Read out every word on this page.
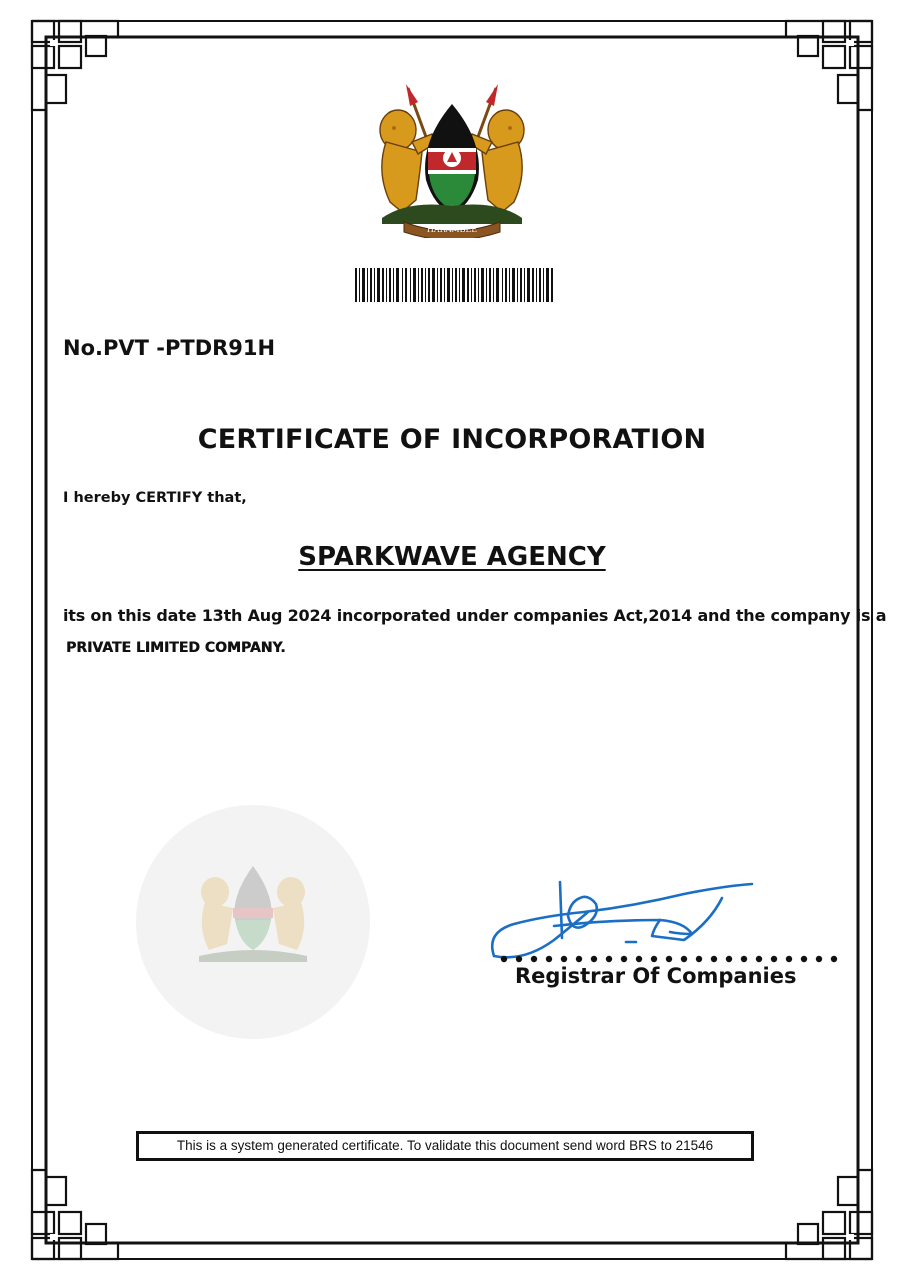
HARAMBEE
No.PVT -PTDR91H
CERTIFICATE OF INCORPORATION
I hereby CERTIFY that,
SPARKWAVE AGENCY
its on this date 13th Aug 2024 incorporated under companies Act,2014 and the company is a
PRIVATE LIMITED COMPANY.
Registrar Of Companies
This is a system generated certificate. To validate this document send word BRS to 21546
